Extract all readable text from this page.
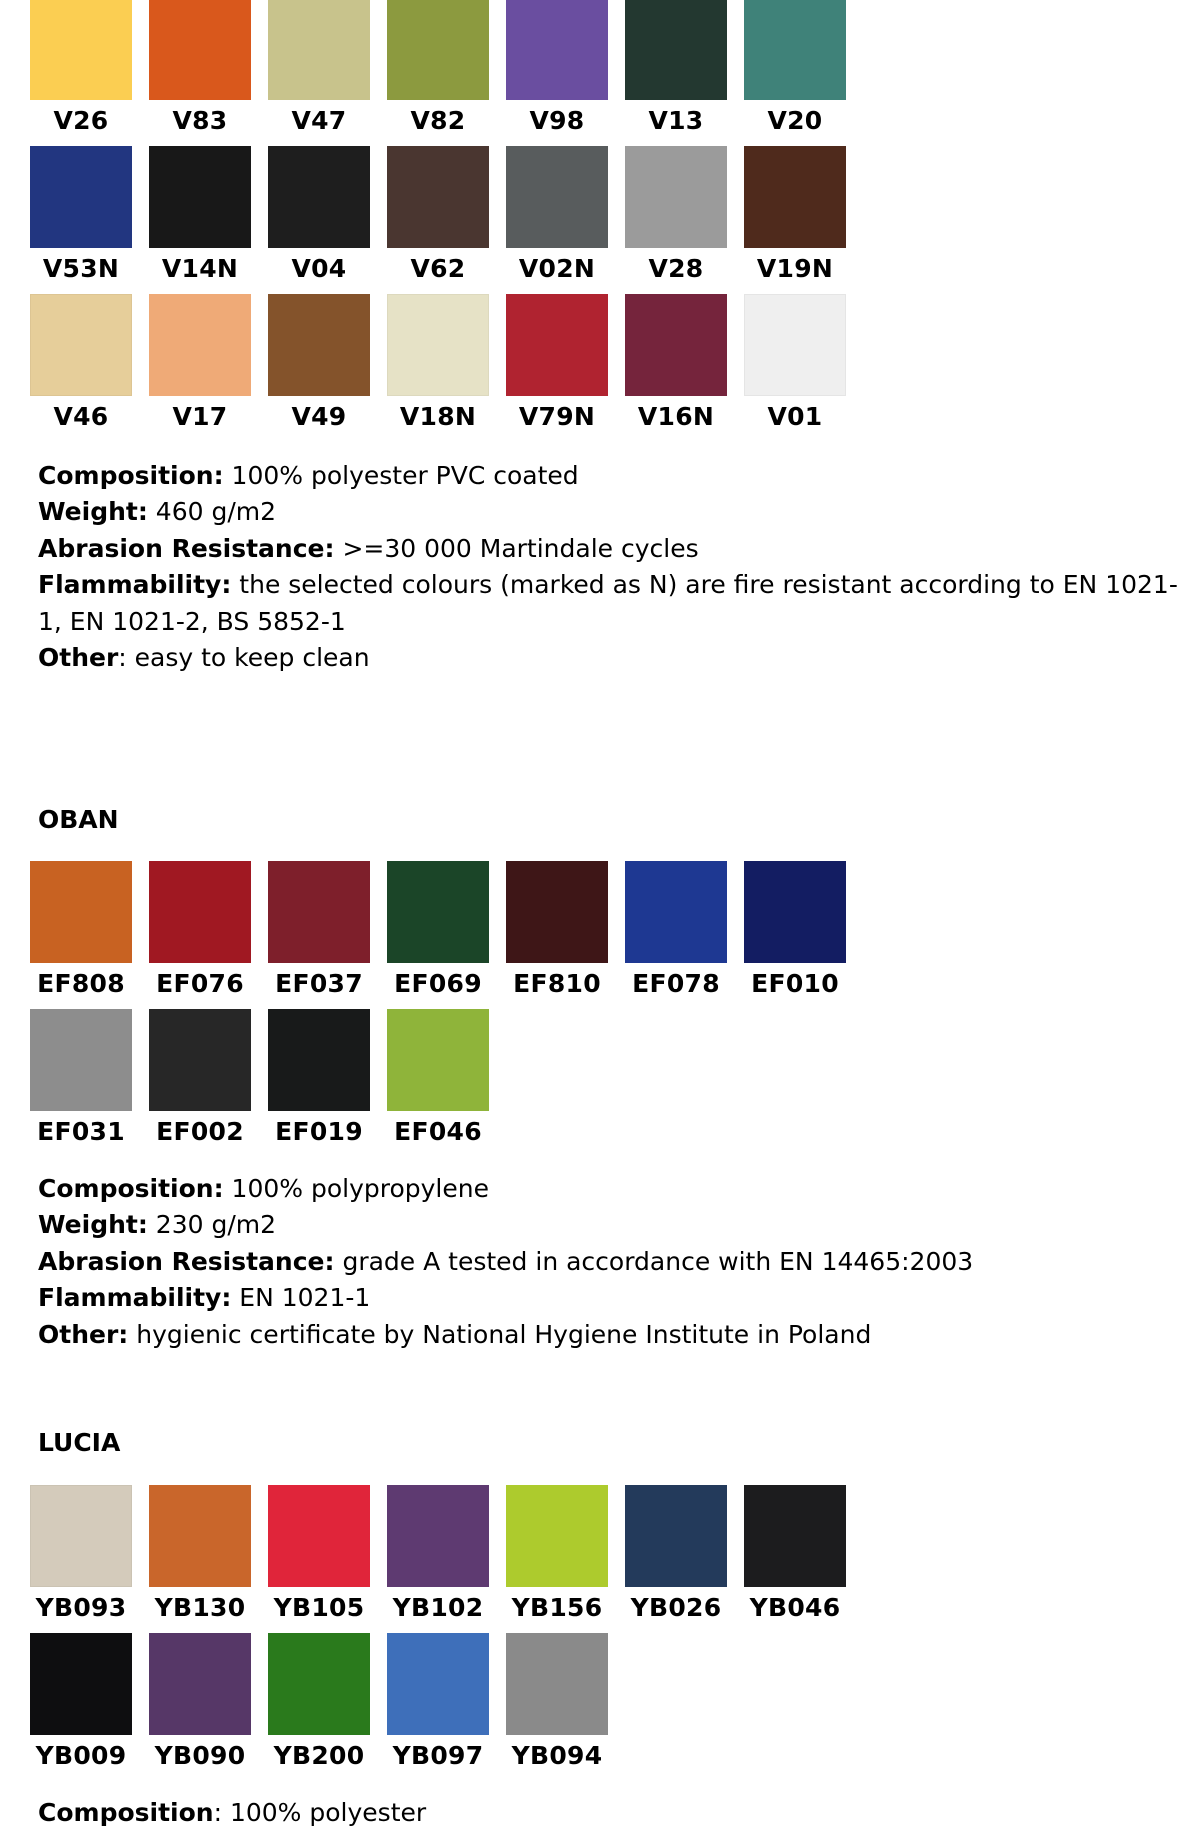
V26	V83	V47	V82	V98	V13	V20
V53N V14N V04	V62 V02N V28 V19N
V46	V17	V49 V18N V79N V16N V01

Composition: 100% polyester PVC coated

Weight: 460 g/m2

Abrasion Resistance: >=30 000 Martindale cycles

Flammability: the selected colours (marked as N) are fire resistant according to EN 1021-1, EN 1021-2, BS 5852-1

Other: easy to keep clean

OBAN
EF808 EF076 EF037 EF069 EF810 EF078 EF010
EF031 EF002 EF019 EF046

Composition: 100% polypropylene

Weight: 230 g/m2

Abrasion Resistance: grade A tested in accordance with EN 14465:2003

Flammability: EN 1021-1

Other: hygienic certificate by National Hygiene Institute in Poland

LUCIA
YB093 YB130 YB105 YB102 YB156 YB026 YB046
YB009 YB090 YB200 YB097 YB094

Composition: 100% polyester
